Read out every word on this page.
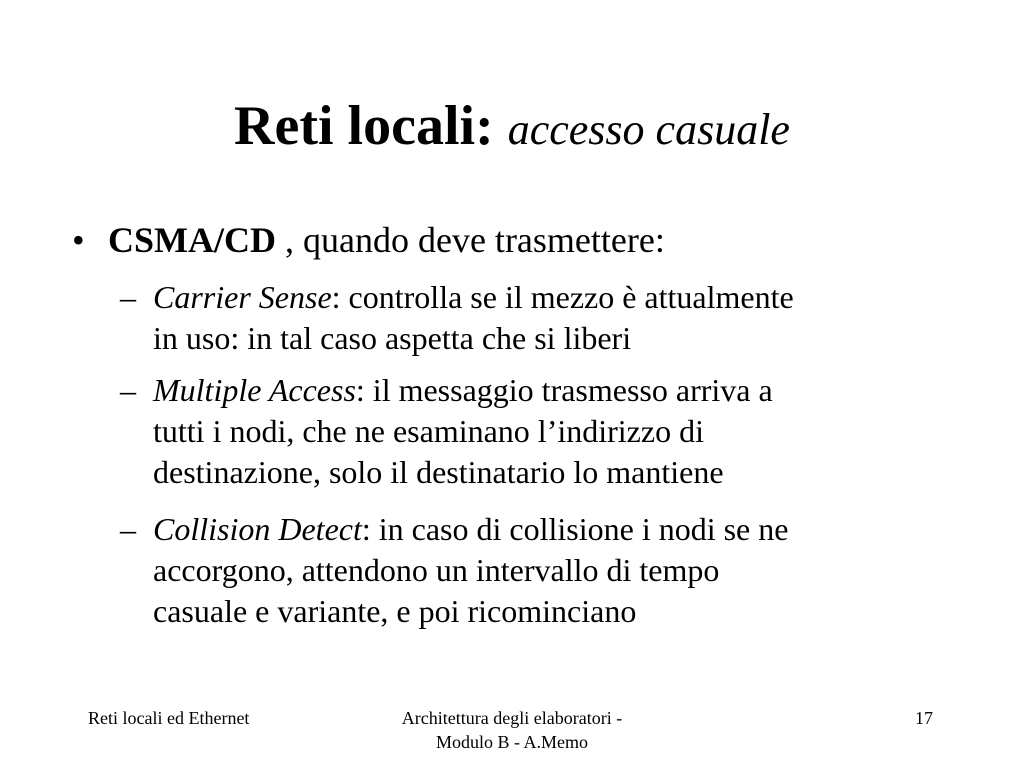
Reti locali: accesso casuale
• CSMA/CD , quando deve trasmettere:
– Carrier Sense: controlla se il mezzo è attualmente
in uso: in tal caso aspetta che si liberi
– Multiple Access: il messaggio trasmesso arriva a
tutti i nodi, che ne esaminano l’indirizzo di
destinazione, solo il destinatario lo mantiene
– Collision Detect: in caso di collisione i nodi se ne
accorgono, attendono un intervallo di tempo
casuale e variante, e poi ricominciano
Reti locali ed Ethernet	Architettura degli elaboratori -
Modulo B - A.Memo
17
